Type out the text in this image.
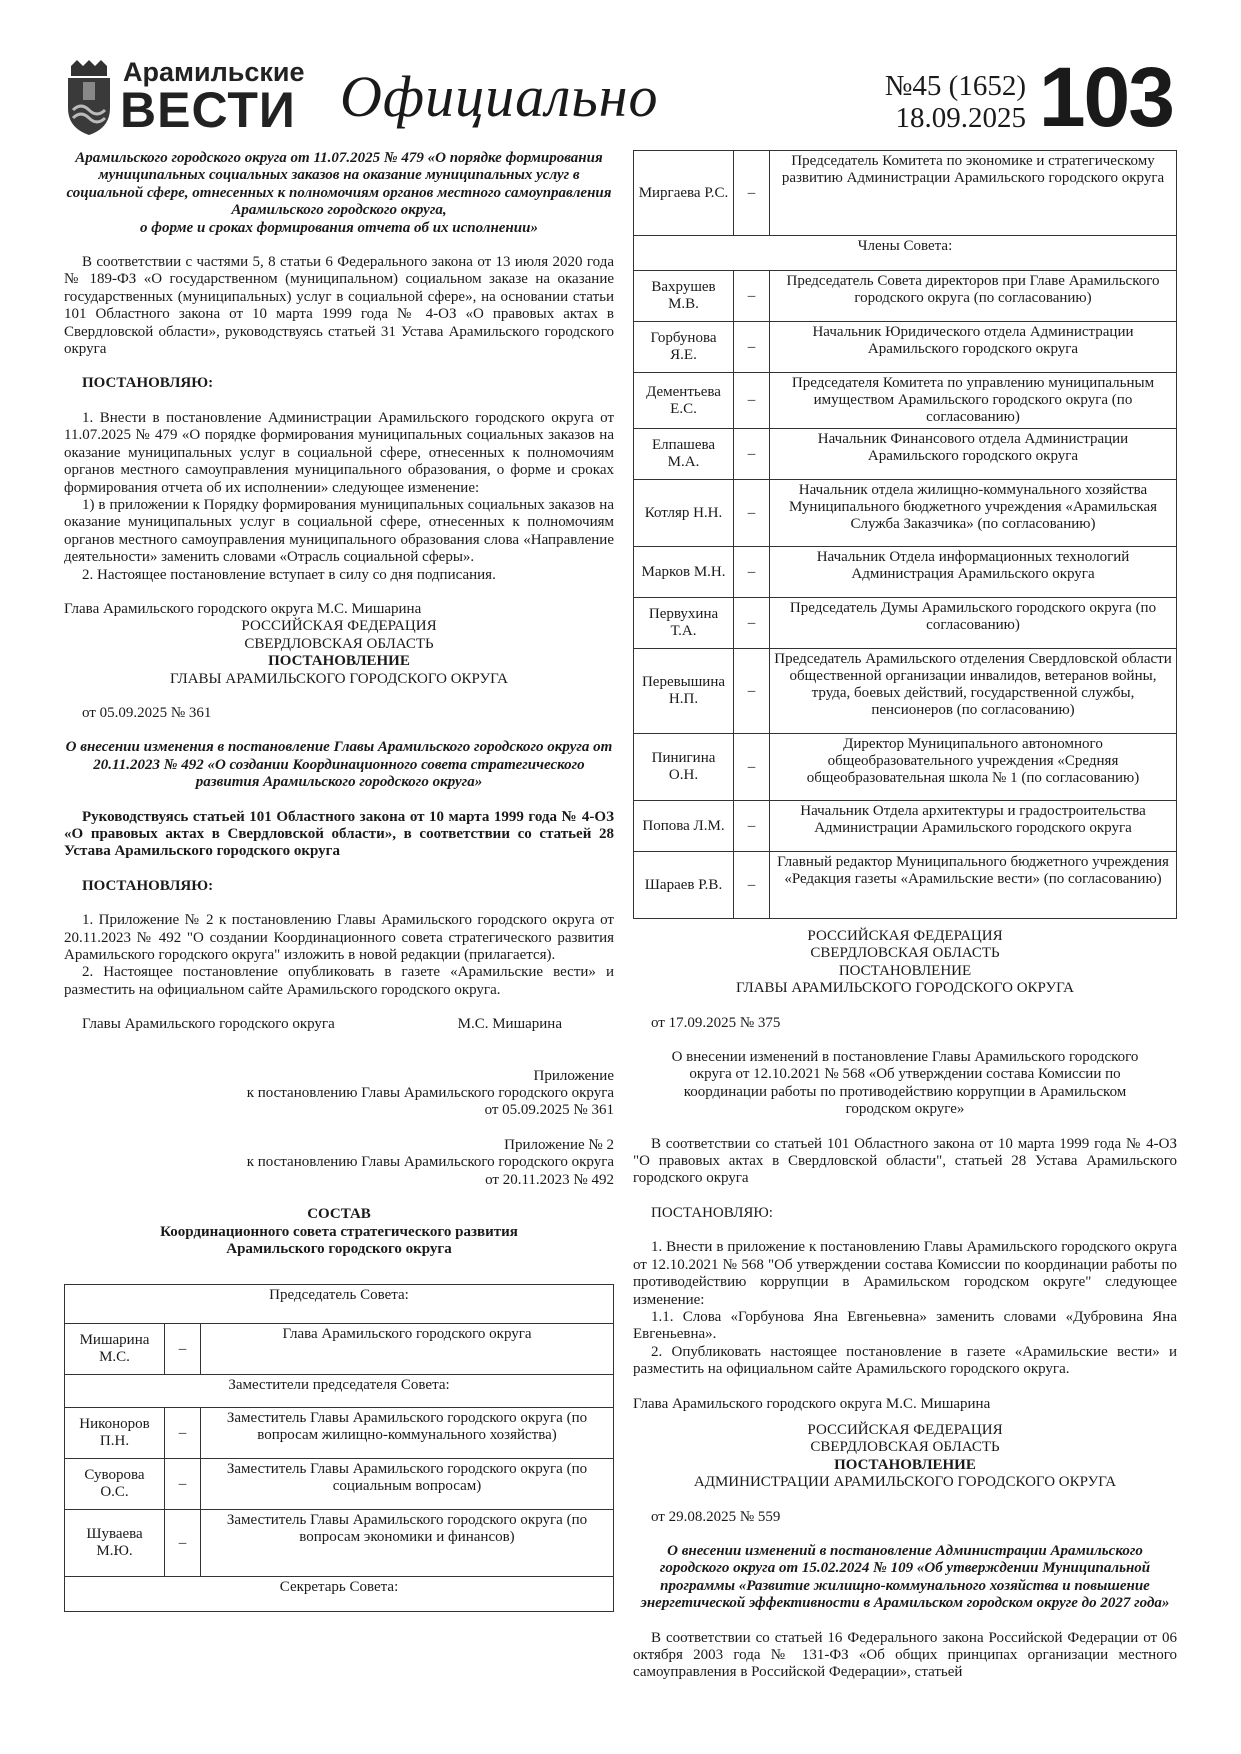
Арамильские
ВЕСТИ Официально	№45 (1652)
18.09.2025 103

Арамильского городского округа от 11.07.2025 № 479 «О порядке формирования муниципальных социальных заказов на оказание муниципальных услуг в социальной сфере, отнесенных к полномочиям органов местного самоуправления Арамильского городского округа,

о форме и сроках формирования отчета об их исполнении»

В соответствии с частями 5, 8 статьи 6 Федерального закона от 13 июля 2020 года № 189-ФЗ «О государственном (муниципальном) социальном заказе на оказание государственных (муниципальных) услуг в социальной сфере», на основании статьи 101 Областного закона от 10 марта 1999 года № 4-ОЗ «О правовых актах в Свердловской области», руководствуясь статьей 31 Устава Арамильского городского округа

ПОСТАНОВЛЯЮ:

1. Внести в постановление Администрации Арамильского городского округа от 11.07.2025 № 479 «О порядке формирования муниципальных социальных заказов на оказание муниципальных услуг в социальной сфере, отнесенных к полномочиям органов местного самоуправления муниципального образования, о форме и сроках формирования отчета об их исполнении» следующее изменение:

1) в приложении к Порядку формирования муниципальных социальных заказов на оказание муниципальных услуг в социальной сфере, отнесенных к полномочиям органов местного самоуправления муниципального образования слова «Направление деятельности» заменить словами «Отрасль социальной сферы».

2. Настоящее постановление вступает в силу со дня подписания.

Глава Арамильского городского округа М.С. Мишарина

РОССИЙСКАЯ ФЕДЕРАЦИЯ

СВЕРДЛОВСКАЯ ОБЛАСТЬ

ПОСТАНОВЛЕНИЕ

ГЛАВЫ АРАМИЛЬСКОГО ГОРОДСКОГО ОКРУГА

от 05.09.2025 № 361

О внесении изменения в постановление Главы Арамильского городского округа от 20.11.2023 № 492 «О создании Координационного совета стратегического развития Арамильского городского округа»

Руководствуясь статьей 101 Областного закона от 10 марта 1999 года № 4-ОЗ «О правовых актах в Свердловской области», в соответствии со статьей 28 Устава Арамильского городского округа

ПОСТАНОВЛЯЮ:

1. Приложение № 2 к постановлению Главы Арамильского городского округа от 20.11.2023 № 492 "О создании Координационного совета стратегического развития Арамильского городского округа" изложить в новой редакции (прилагается).

2. Настоящее постановление опубликовать в газете «Арамильские вести» и разместить на официальном сайте Арамильского городского округа.

Главы Арамильского городского округа	М.С. Мишарина

Приложение

к постановлению Главы Арамильского городского округа

от 05.09.2025 № 361

Приложение № 2

к постановлению Главы Арамильского городского округа

от 20.11.2023 № 492

СОСТАВ

Координационного совета стратегического развития

Арамильского городского округа

Председатель Совета:		
Мишарина М.С.	–	Глава Арамильского городского округа
Заместители председателя Совета:		
Никоноров П.Н.	–	Заместитель Главы Арамильского городского округа (по вопросам жилищно-коммунального хозяйства)
Суворова О.С.	–	Заместитель Главы Арамильского городского округа (по социальным вопросам)
Шуваева М.Ю.	–	Заместитель Главы Арамильского городского округа (по вопросам экономики и финансов)
Секретарь Совета:		
Миргаева Р.С.	–	Председатель Комитета по экономике и стратегическому развитию Администрации Арамильского городского округа
Члены Совета:		
Вахрушев М.В.	–	Председатель Совета директоров при Главе Арамильского городского округа (по согласованию)
Горбунова Я.Е.	–	Начальник Юридического отдела Администрации Арамильского городского округа
Дементьева Е.С.	–	Председателя Комитета по управлению муниципальным имуществом Арамильского городского округа (по согласованию)
Елпашева М.А.	–	Начальник Финансового отдела Администрации Арамильского городского округа
Котляр Н.Н.	–	Начальник отдела жилищно-коммунального хозяйства Муниципального бюджетного учреждения «Арамильская Служба Заказчика» (по согласованию)
Марков М.Н.	–	Начальник Отдела информационных технологий Администрация Арамильского округа
Первухина Т.А.	–	Председатель Думы Арамильского городского округа (по согласованию)
Перевышина Н.П.	–	Председатель Арамильского отделения Свердловской области общественной организации инвалидов, ветеранов войны, труда, боевых действий, государственной службы, пенсионеров (по согласованию)
Пинигина О.Н.	–	Директор Муниципального автономного общеобразовательного учреждения «Средняя общеобразовательная школа № 1 (по согласованию)
Попова Л.М.	–	Начальник Отдела архитектуры и градостроительства Администрации Арамильского городского округа
Шараев Р.В.	–	Главный редактор Муниципального бюджетного учреждения «Редакция газеты «Арамильские вести» (по согласованию)

РОССИЙСКАЯ ФЕДЕРАЦИЯ

СВЕРДЛОВСКАЯ ОБЛАСТЬ

ПОСТАНОВЛЕНИЕ

ГЛАВЫ АРАМИЛЬСКОГО ГОРОДСКОГО ОКРУГА

от 17.09.2025 № 375

О внесении изменений в постановление Главы Арамильского городского округа от 12.10.2021 № 568 «Об утверждении состава Комиссии по координации работы по противодействию коррупции в Арамильском городском округе»

В соответствии со статьей 101 Областного закона от 10 марта 1999 года № 4-ОЗ "О правовых актах в Свердловской области", статьей 28 Устава Арамильского городского округа

ПОСТАНОВЛЯЮ:

1. Внести в приложение к постановлению Главы Арамильского городского округа от 12.10.2021 № 568 "Об утверждении состава Комиссии по координации работы по противодействию коррупции в Арамильском городском округе" следующее изменение:

1.1. Слова «Горбунова Яна Евгеньевна» заменить словами «Дубровина Яна Евгеньевна».

2. Опубликовать настоящее постановление в газете «Арамильские вести» и разместить на официальном сайте Арамильского городского округа.

Глава Арамильского городского округа М.С. Мишарина

РОССИЙСКАЯ ФЕДЕРАЦИЯ

СВЕРДЛОВСКАЯ ОБЛАСТЬ

ПОСТАНОВЛЕНИЕ

АДМИНИСТРАЦИИ АРАМИЛЬСКОГО ГОРОДСКОГО ОКРУГА

от 29.08.2025 № 559

О внесении изменений в постановление Администрации Арамильского городского округа от 15.02.2024 № 109 «Об утверждении Муниципальной программы «Развитие жилищно-коммунального хозяйства и повышение энергетической эффективности в Арамильском городском округе до 2027 года»

В соответствии со статьей 16 Федерального закона Российской Федерации от 06 октября 2003 года № 131-ФЗ «Об общих принципах организации местного самоуправления в Российской Федерации», статьей
